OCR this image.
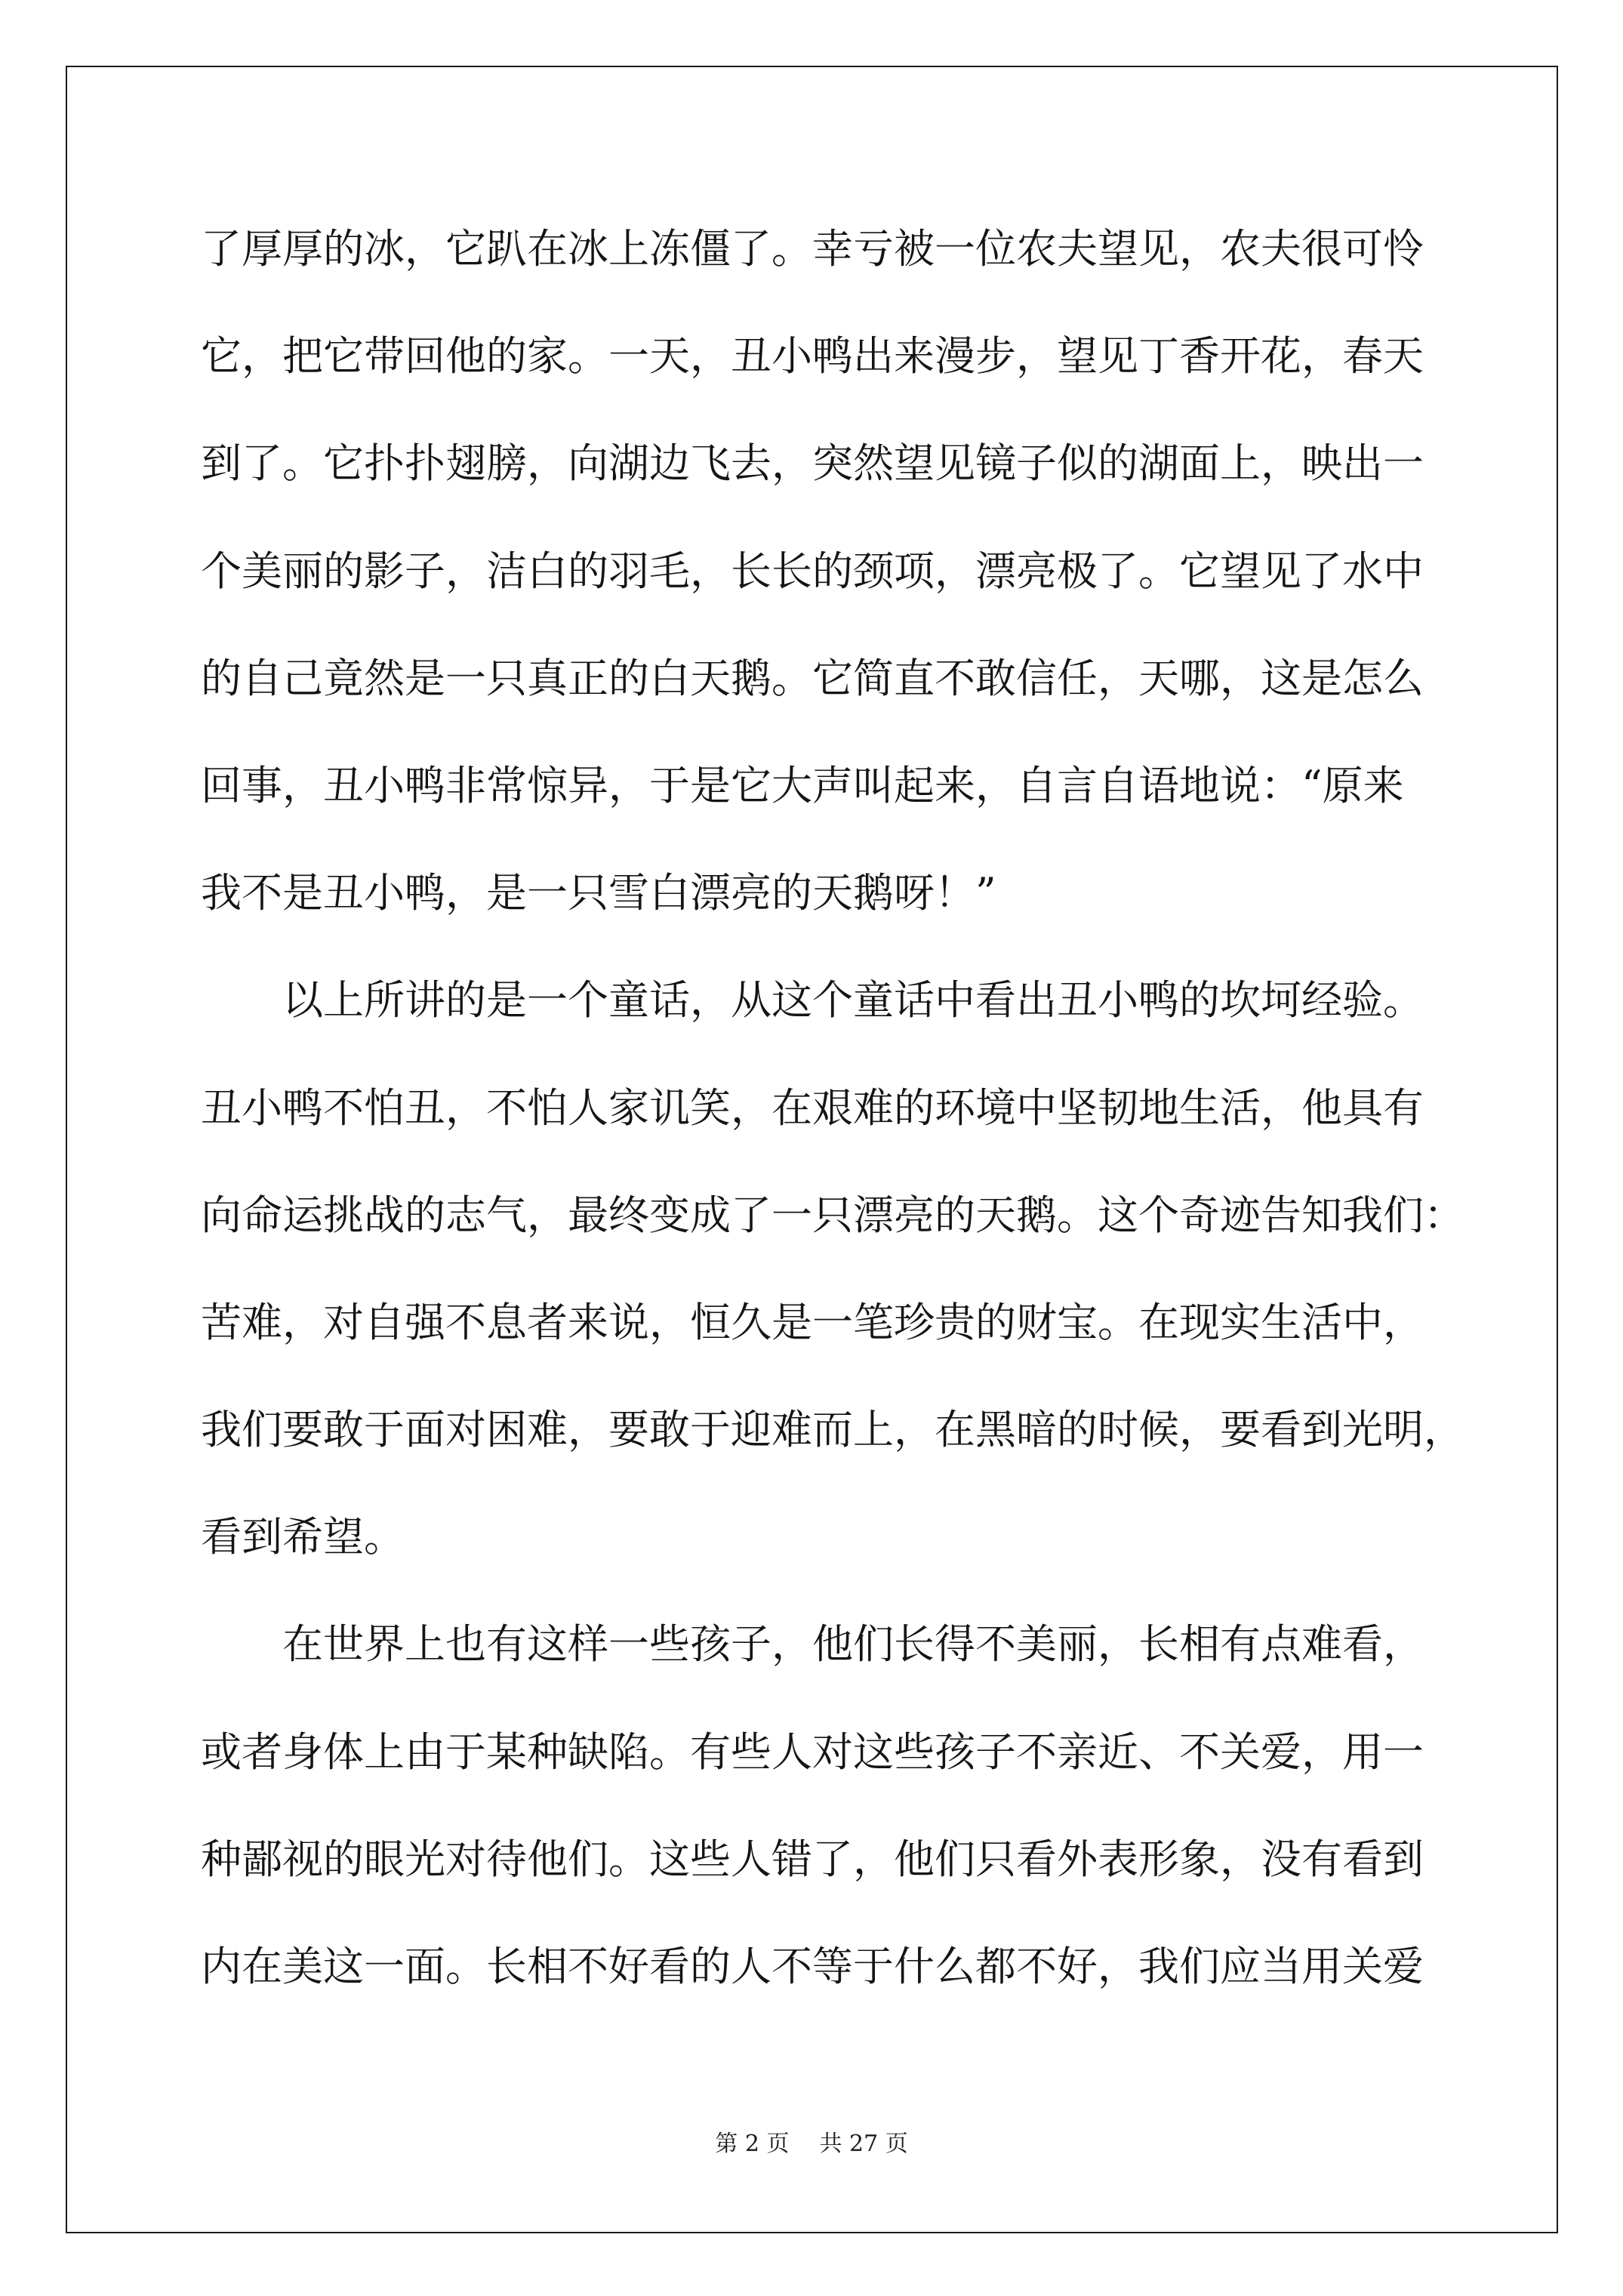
了厚厚的冰，它趴在冰上冻僵了。幸亏被一位农夫望见，农夫很可怜
它，把它带回他的家。一天，丑小鸭出来漫步，望见丁香开花，春天
到了。它扑扑翅膀，向湖边飞去，突然望见镜子似的湖面上，映出一
个美丽的影子，洁白的羽毛，长长的颈项，漂亮极了。它望见了水中
的自己竟然是一只真正的白天鹅。它简直不敢信任，天哪，这是怎么
回事，丑小鸭非常惊异，于是它大声叫起来，自言自语地说：“原来
我不是丑小鸭，是一只雪白漂亮的天鹅呀！”
以上所讲的是一个童话，从这个童话中看出丑小鸭的坎坷经验。
丑小鸭不怕丑，不怕人家讥笑，在艰难的环境中坚韧地生活，他具有
向命运挑战的志气，最终变成了一只漂亮的天鹅。这个奇迹告知我们：
苦难，对自强不息者来说，恒久是一笔珍贵的财宝。在现实生活中，
我们要敢于面对困难，要敢于迎难而上，在黑暗的时候，要看到光明，
看到希望。
在世界上也有这样一些孩子，他们长得不美丽，长相有点难看，
或者身体上由于某种缺陷。有些人对这些孩子不亲近、不关爱，用一
种鄙视的眼光对待他们。这些人错了，他们只看外表形象，没有看到
内在美这一面。长相不好看的人不等于什么都不好，我们应当用关爱
第 2 页 共 27 页
